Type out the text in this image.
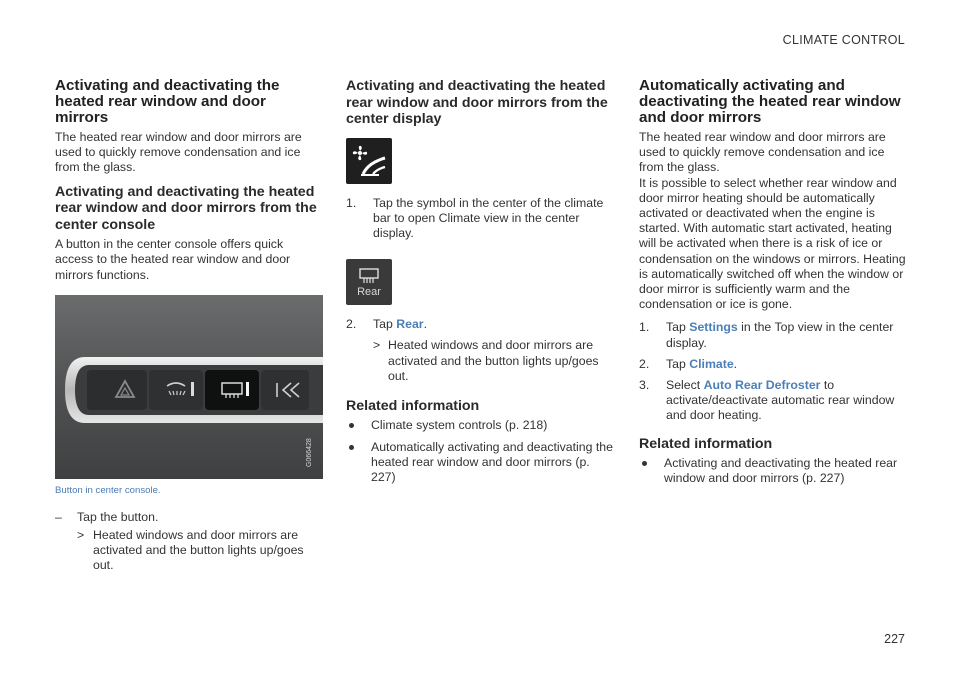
CLIMATE CONTROL
Activating and deactivating the heated rear window and door mirrors

The heated rear window and door mirrors are used to quickly remove condensation and ice from the glass.

Activating and deactivating the heated rear window and door mirrors from the center console

A button in the center console offers quick access to the heated rear window and door mirrors functions.

G066428
Button in center console.
– Tap the button.
> Heated windows and door mirrors are activated and the button lights up/goes out.
Activating and deactivating the heated rear window and door mirrors from the center display
1. Tap the symbol in the center of the climate bar to open Climate view in the center display.
Rear
2. Tap Rear.
> Heated windows and door mirrors are activated and the button lights up/goes out.
Related information
Climate system controls (p. 218)
Automatically activating and deactivating the heated rear window and door mirrors (p. 227)
Automatically activating and deactivating the heated rear window and door mirrors

The heated rear window and door mirrors are used to quickly remove condensation and ice from the glass.

It is possible to select whether rear window and door mirror heating should be automatically activated or deactivated when the engine is started. With automatic start activated, heating will be activated when there is a risk of ice or condensation on the windows or mirrors. Heating is automatically switched off when the window or door mirror is sufficiently warm and the condensation or ice is gone.

1. Tap Settings in the Top view in the center display.
2. Tap Climate.
3. Select Auto Rear Defroster to activate/deactivate automatic rear window and door heating.
Related information
Activating and deactivating the heated rear window and door mirrors (p. 227)
227
